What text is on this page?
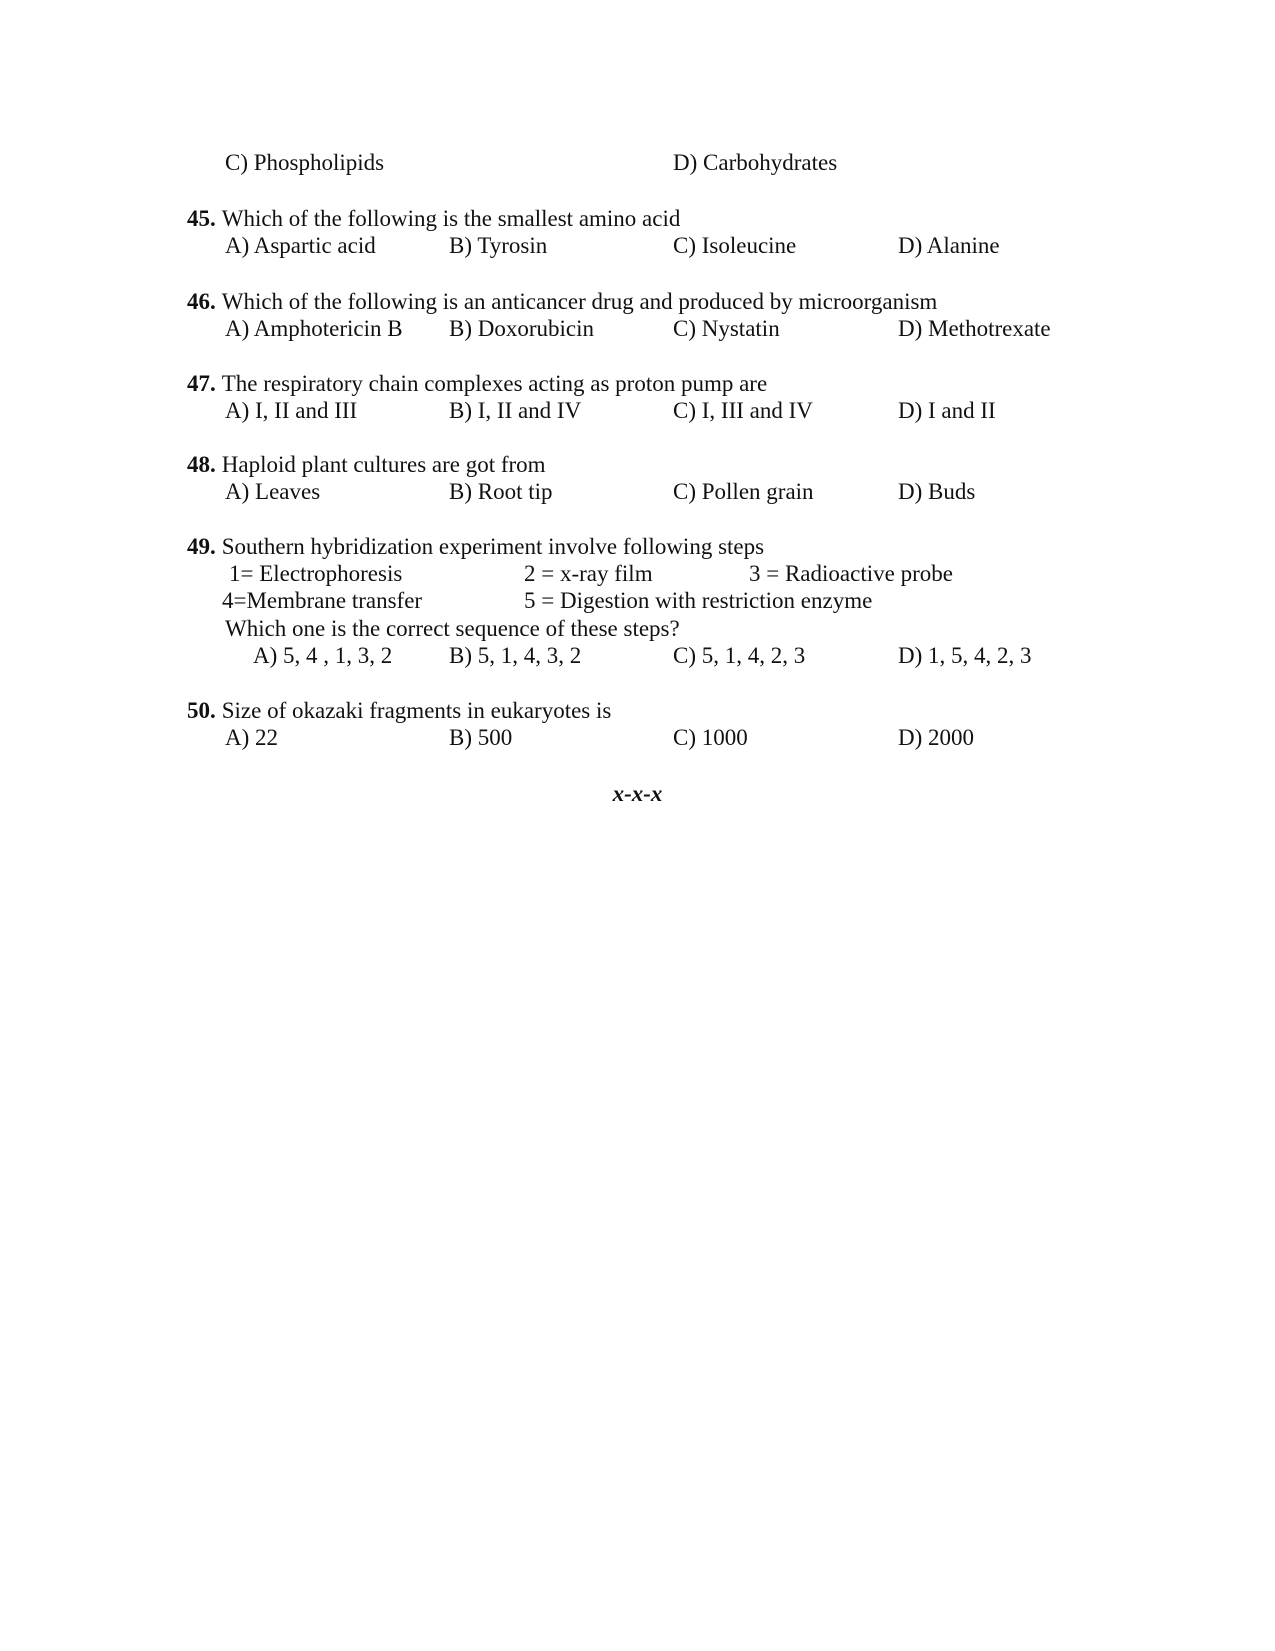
C) Phospholipids	D) Carbohydrates
45. Which of the following is the smallest amino acid
A) Aspartic acid	B) Tyrosin	C) Isoleucine	D) Alanine
46. Which of the following is an anticancer drug and produced by microorganism
A) Amphotericin B B) Doxorubicin	C) Nystatin	D) Methotrexate
47. The respiratory chain complexes acting as proton pump are
A) I, II and III	B) I, II and IV	C) I, III and IV	D) I and II
48. Haploid plant cultures are got from
A) Leaves	B) Root tip	C) Pollen grain	D) Buds
49. Southern hybridization experiment involve following steps
1= Electrophoresis	2 = x-ray film	3 = Radioactive probe
4=Membrane transfer	5 = Digestion with restriction enzyme
Which one is the correct sequence of these steps?
A) 5, 4 , 1, 3, 2 B) 5, 1, 4, 3, 2	C) 5, 1, 4, 2, 3	D) 1, 5, 4, 2, 3
50. Size of okazaki fragments in eukaryotes is
A) 22	B) 500	C) 1000	D) 2000
x-x-x
